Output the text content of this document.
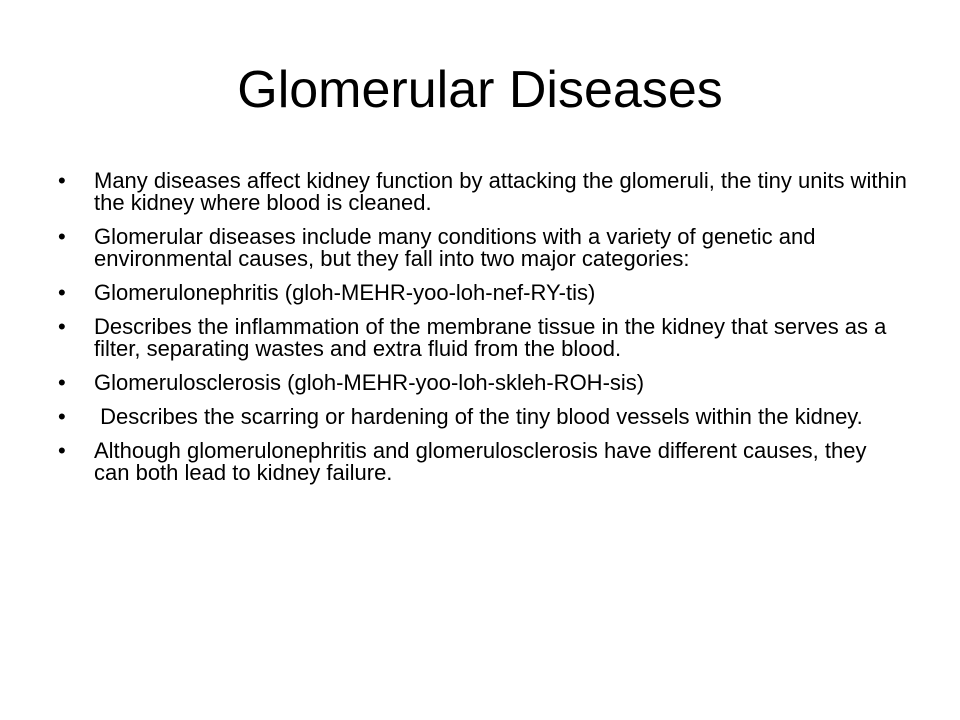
Glomerular Diseases
•	Many diseases affect kidney function by attacking the glomeruli, the tiny units within the kidney where blood is cleaned.
•	Glomerular diseases include many conditions with a variety of genetic and environmental causes, but they fall into two major categories:
•	Glomerulonephritis (gloh-MEHR-yoo-loh-nef-RY-tis)
•	Describes the inflammation of the membrane tissue in the kidney that serves as a filter, separating wastes and extra fluid from the blood.
•	Glomerulosclerosis (gloh-MEHR-yoo-loh-skleh-ROH-sis)
•	Describes the scarring or hardening of the tiny blood vessels within the kidney.
•	Although glomerulonephritis and glomerulosclerosis have different causes, they can both lead to kidney failure.
